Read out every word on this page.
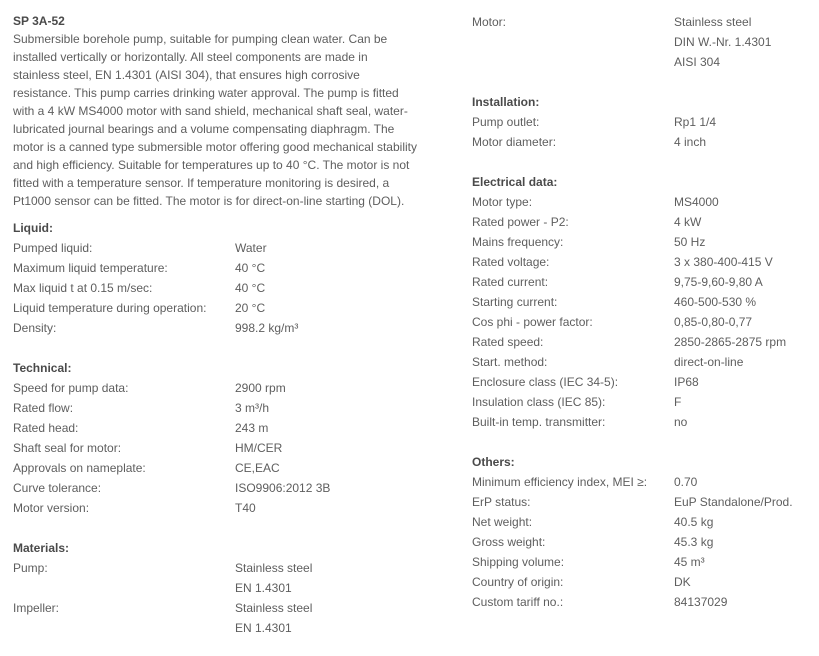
SP 3A-52
Submersible borehole pump, suitable for pumping clean water. Can be
installed vertically or horizontally. All steel components are made in
stainless steel, EN 1.4301 (AISI 304), that ensures high corrosive
resistance. This pump carries drinking water approval. The pump is fitted
with a 4 kW MS4000 motor with sand shield, mechanical shaft seal, water-
lubricated journal bearings and a volume compensating diaphragm. The
motor is a canned type submersible motor offering good mechanical stability
and high efficiency. Suitable for temperatures up to 40 °C. The motor is not
fitted with a temperature sensor. If temperature monitoring is desired, a
Pt1000 sensor can be fitted. The motor is for direct-on-line starting (DOL).
Liquid:
Pumped liquid:	Water
Maximum liquid temperature:	40 °C
Max liquid t at 0.15 m/sec:	40 °C
Liquid temperature during operation:	20 °C
Density:	998.2 kg/m³
Technical:
Speed for pump data:	2900 rpm
Rated flow:	3 m³/h
Rated head:	243 m
Shaft seal for motor:	HM/CER
Approvals on nameplate:	CE,EAC
Curve tolerance:	ISO9906:2012 3B
Motor version:	T40
Materials:
Pump:	Stainless steel
EN 1.4301
Impeller:	Stainless steel
EN 1.4301
Motor:	Stainless steel
DIN W.-Nr. 1.4301
AISI 304
Installation:
Pump outlet:	Rp1 1/4
Motor diameter:	4 inch
Electrical data:
Motor type:	MS4000
Rated power - P2:	4 kW
Mains frequency:	50 Hz
Rated voltage:	3 x 380-400-415 V
Rated current:	9,75-9,60-9,80 A
Starting current:	460-500-530 %
Cos phi - power factor:	0,85-0,80-0,77
Rated speed:	2850-2865-2875 rpm
Start. method:	direct-on-line
Enclosure class (IEC 34-5):	IP68
Insulation class (IEC 85):	F
Built-in temp. transmitter:	no
Others:
Minimum efficiency index, MEI ≥:	0.70
ErP status:	EuP Standalone/Prod.
Net weight:	40.5 kg
Gross weight:	45.3 kg
Shipping volume:	45 m³
Country of origin:	DK
Custom tariff no.:	84137029
